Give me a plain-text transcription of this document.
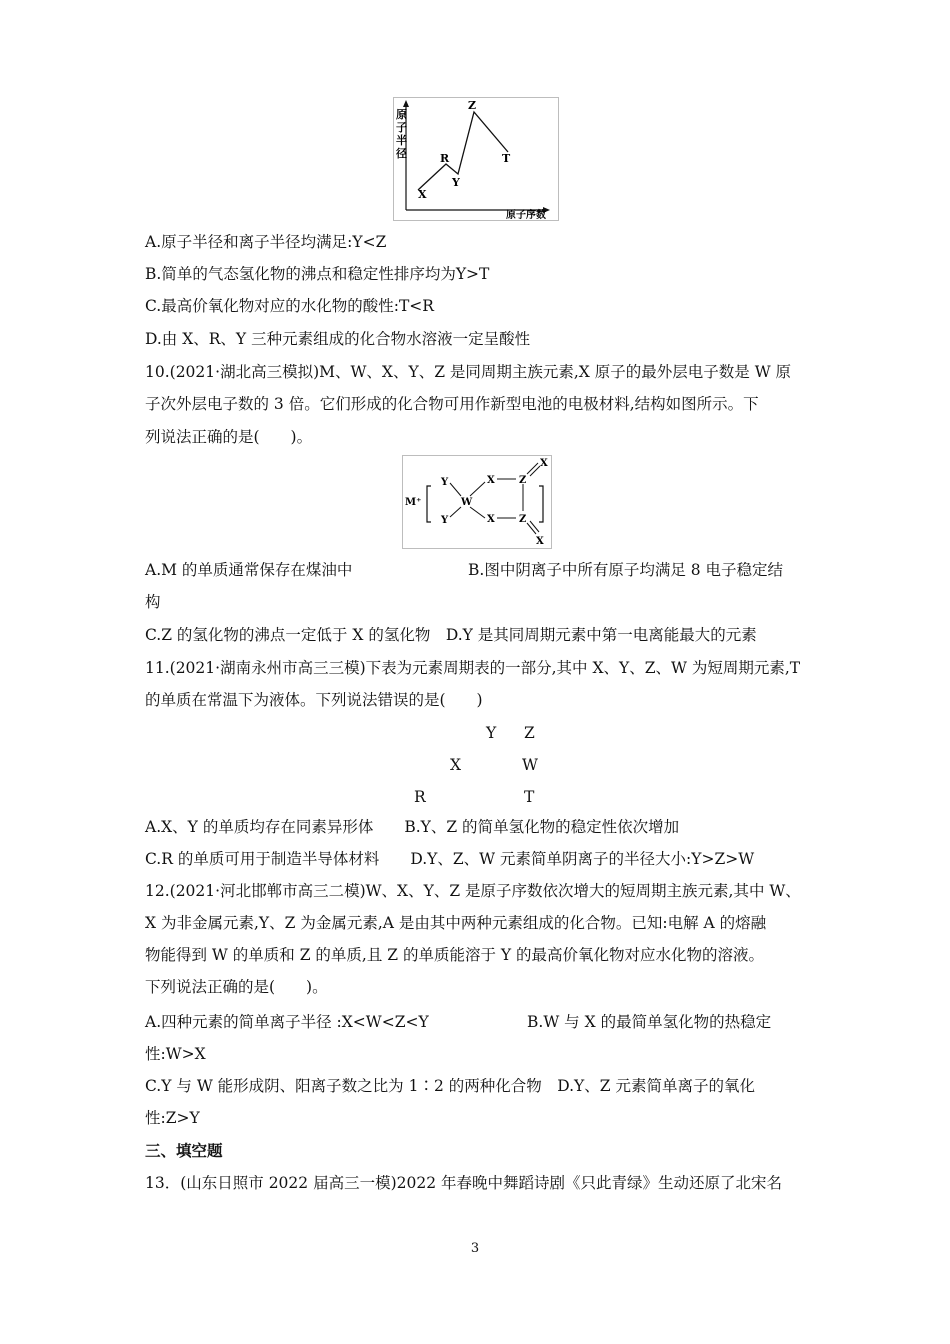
原
子
半
径
X
R
Y
Z
T
原子序数
A.原子半径和离子半径均满足:Y<Z
B.简单的气态氢化物的沸点和稳定性排序均为Y>T
C.最高价氧化物对应的水化物的酸性:T<R
D.由 X、R、Y 三种元素组成的化合物水溶液一定呈酸性
10.(2021·湖北高三模拟)M、W、X、Y、Z 是同周期主族元素,X 原子的最外层电子数是 W 原
子次外层电子数的 3 倍。它们形成的化合物可用作新型电池的电极材料,结构如图所示。下
列说法正确的是(　　)。
M⁺
Y
Y
W
X
X
Z
Z
X
X
A.M 的单质通常保存在煤油中	B.图中阴离子中所有原子均满足 8 电子稳定结
构
C.Z 的氢化物的沸点一定低于 X 的氢化物　D.Y 是其同周期元素中第一电离能最大的元素
11.(2021·湖南永州市高三三模)下表为元素周期表的一部分,其中 X、Y、Z、W 为短周期元素,T
的单质在常温下为液体。下列说法错误的是(　　)
Y Z
X	W
R	T
A.X、Y 的单质均存在同素异形体　　B.Y、Z 的简单氢化物的稳定性依次增加
C.R 的单质可用于制造半导体材料　　D.Y、Z、W 元素简单阴离子的半径大小:Y>Z>W
12.(2021·河北邯郸市高三二模)W、X、Y、Z 是原子序数依次增大的短周期主族元素,其中 W、
X 为非金属元素,Y、Z 为金属元素,A 是由其中两种元素组成的化合物。已知:电解 A 的熔融
物能得到 W 的单质和 Z 的单质,且 Z 的单质能溶于 Y 的最高价氧化物对应水化物的溶液。
下列说法正确的是(　　)。
A.四种元素的简单离子半径 :X<W<Z<Y	B.W 与 X 的最简单氢化物的热稳定
性:W>X
C.Y 与 W 能形成阴、阳离子数之比为 1∶2 的两种化合物　D.Y、Z 元素简单离子的氧化
性:Z>Y
三、填空题
13．(山东日照市 2022 届高三一模)2022 年春晚中舞蹈诗剧《只此青绿》生动还原了北宋名
3
